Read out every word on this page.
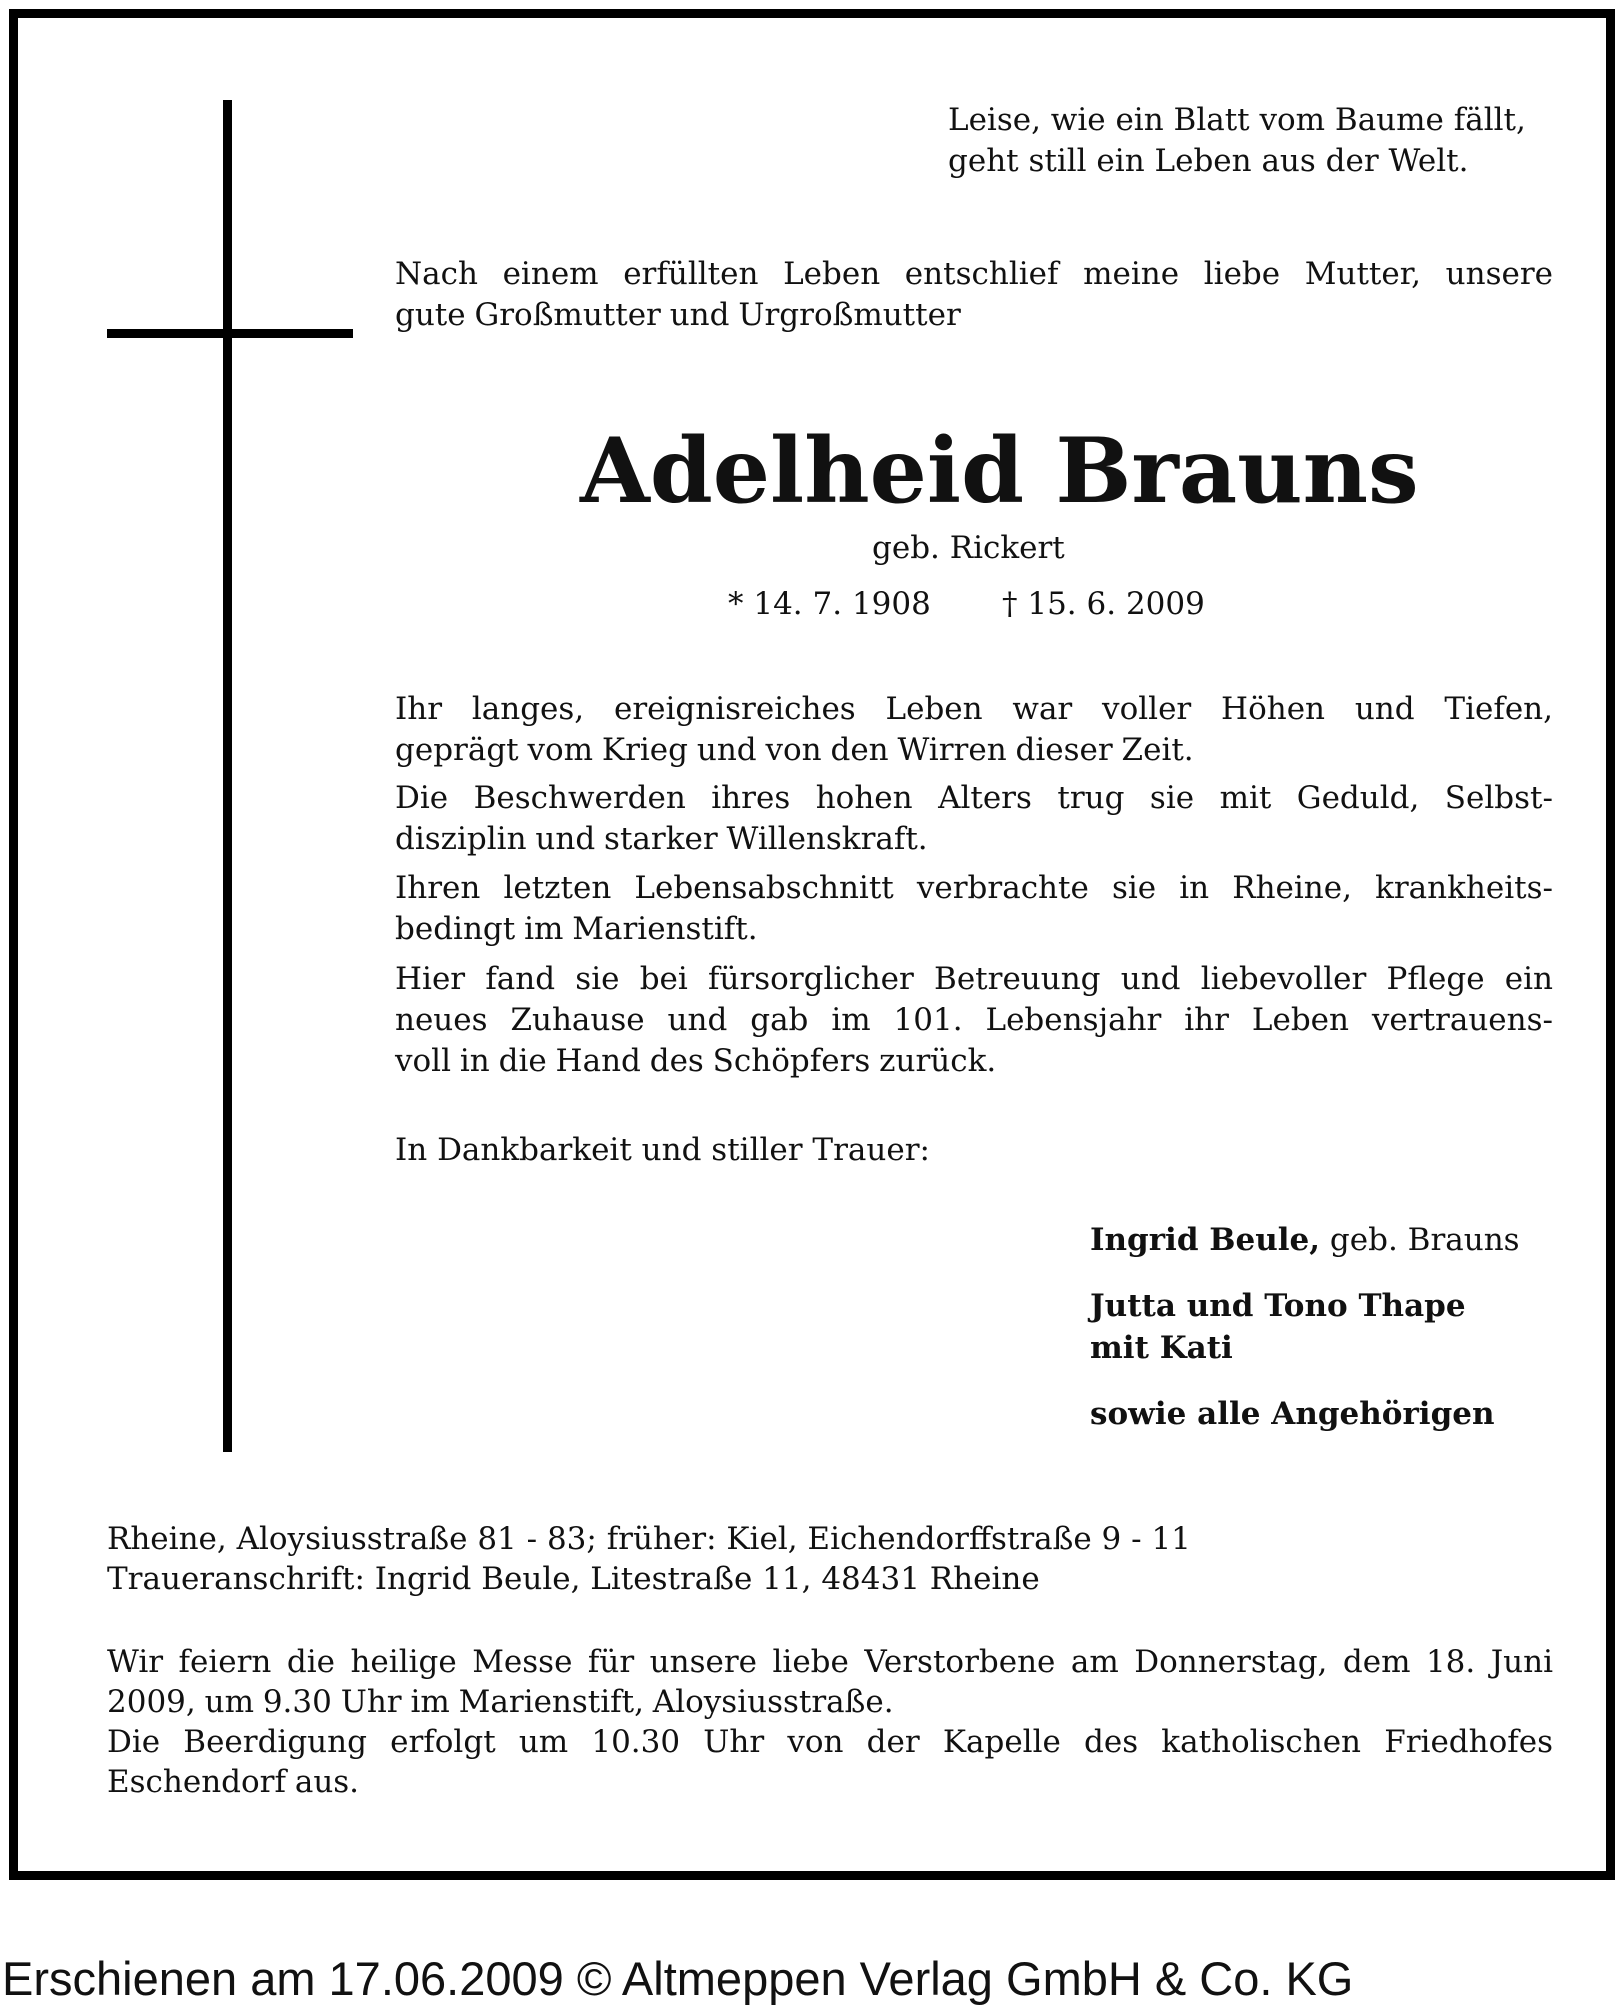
Leise, wie ein Blatt vom Baume fällt,
geht still ein Leben aus der Welt.
Nach einem erfüllten Leben entschlief meine liebe Mutter, unsere
gute Großmutter und Urgroßmutter
Adelheid Brauns
geb. Rickert
* 14. 7. 1908 † 15. 6. 2009
Ihr langes, ereignisreiches Leben war voller Höhen und Tiefen,
geprägt vom Krieg und von den Wirren dieser Zeit.
Die Beschwerden ihres hohen Alters trug sie mit Geduld, Selbst-
disziplin und starker Willenskraft.
Ihren letzten Lebensabschnitt verbrachte sie in Rheine, krankheits-
bedingt im Marienstift.
Hier fand sie bei fürsorglicher Betreuung und liebevoller Pflege ein
neues Zuhause und gab im 101. Lebensjahr ihr Leben vertrauens-
voll in die Hand des Schöpfers zurück.
In Dankbarkeit und stiller Trauer:
Ingrid Beule, geb. Brauns
Jutta und Tono Thape
mit Kati
sowie alle Angehörigen
Rheine, Aloysiusstraße 81 - 83; früher: Kiel, Eichendorffstraße 9 - 11
Traueranschrift: Ingrid Beule, Litestraße 11, 48431 Rheine
Wir feiern die heilige Messe für unsere liebe Verstorbene am Donnerstag, dem 18. Juni
2009, um 9.30 Uhr im Marienstift, Aloysiusstraße.
Die Beerdigung erfolgt um 10.30 Uhr von der Kapelle des katholischen Friedhofes
Eschendorf aus.
Erschienen am 17.06.2009 © Altmeppen Verlag GmbH & Co. KG
